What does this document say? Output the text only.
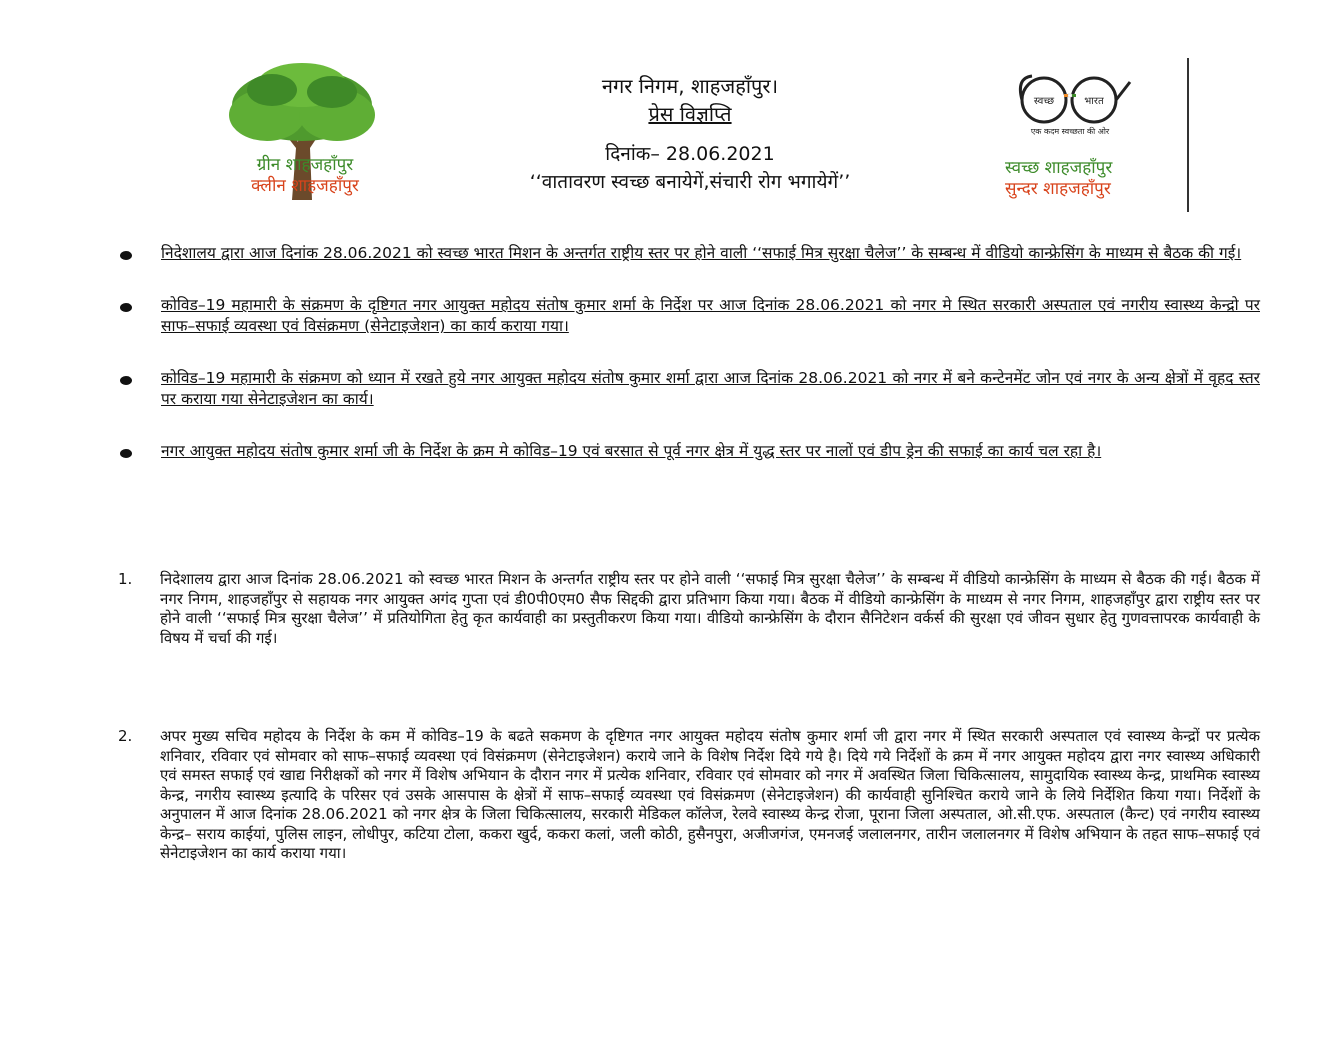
ग्रीन शाहजहाँपुर
क्लीन शाहजहाँपुर
नगर निगम, शाहजहाँपुर।
प्रेस विज्ञप्ति
दिनांक– 28.06.2021
‘‘वातावरण स्वच्छ बनायेगें,संचारी रोग भगायेगें’’
स्वच्छ	भारत
एक कदम स्वच्छता की ओर
स्वच्छ शाहजहाँपुर
सुन्दर शाहजहाँपुर
निदेशालय द्वारा आज दिनांक 28.06.2021 को स्वच्छ भारत मिशन के अन्तर्गत राष्ट्रीय स्तर पर होने वाली ‘‘सफाई मित्र सुरक्षा चैलेज’’ के सम्बन्ध में वीडियो कान्फ्रेसिंग के माध्यम से बैठक की गई।
कोविड–19 महामारी के संक्रमण के दृष्टिगत नगर आयुक्त महोदय संतोष कुमार शर्मा के निर्देश पर आज दिनांक 28.06.2021 को नगर मे स्थित सरकारी अस्पताल एवं नगरीय स्वास्थ्य केन्द्रो पर साफ–सफाई व्यवस्था एवं विसंक्रमण (सेनेटाइजेशन) का कार्य कराया गया।
कोविड–19 महामारी के संक्रमण को ध्यान में रखते हुये नगर आयुक्त महोदय संतोष कुमार शर्मा द्वारा आज दिनांक 28.06.2021 को नगर में बने कन्टेनमेंट जोन एवं नगर के अन्य क्षेत्रों में वृहद स्तर पर कराया गया सेनेटाइजेशन का कार्य।
नगर आयुक्त महोदय संतोष कुमार शर्मा जी के निर्देश के क्रम मे कोविड–19 एवं बरसात से पूर्व नगर क्षेत्र में युद्ध स्तर पर नालों एवं डीप ड्रेन की सफाई का कार्य चल रहा है।
1.	निदेशालय द्वारा आज दिनांक 28.06.2021 को स्वच्छ भारत मिशन के अन्तर्गत राष्ट्रीय स्तर पर होने वाली ‘‘सफाई मित्र सुरक्षा चैलेज’’ के सम्बन्ध में वीडियो कान्फ्रेसिंग के माध्यम से बैठक की गई। बैठक में नगर निगम, शाहजहाँपुर से सहायक नगर आयुक्त अगंद गुप्ता एवं डी0पी0एम0 सैफ सिद्दकी द्वारा प्रतिभाग किया गया। बैठक में वीडियो कान्फ्रेसिंग के माध्यम से नगर निगम, शाहजहाँपुर द्वारा राष्ट्रीय स्तर पर होने वाली ‘‘सफाई मित्र सुरक्षा चैलेज’’ में प्रतियोगिता हेतु कृत कार्यवाही का प्रस्तुतीकरण किया गया। वीडियो कान्फ्रेसिंग के दौरान सैनिटेशन वर्कर्स की सुरक्षा एवं जीवन सुधार हेतु गुणवत्तापरक कार्यवाही के विषय में चर्चा की गई।
2.	अपर मुख्य सचिव महोदय के निर्देश के कम में कोविड–19 के बढते सकमण के दृष्टिगत नगर आयुक्त महोदय संतोष कुमार शर्मा जी द्वारा नगर में स्थित सरकारी अस्पताल एवं स्वास्थ्य केन्द्रों पर प्रत्येक शनिवार, रविवार एवं सोमवार को साफ–सफाई व्यवस्था एवं विसंक्रमण (सेनेटाइजेशन) कराये जाने के विशेष निर्देश दिये गये है। दिये गये निर्देशों के क्रम में नगर आयुक्त महोदय द्वारा नगर स्वास्थ्य अधिकारी एवं समस्त सफाई एवं खाद्य निरीक्षकों को नगर में विशेष अभियान के दौरान नगर में प्रत्येक शनिवार, रविवार एवं सोमवार को नगर में अवस्थित जिला चिकित्सालय, सामुदायिक स्वास्थ्य केन्द्र, प्राथमिक स्वास्थ्य केन्द्र, नगरीय स्वास्थ्य इत्यादि के परिसर एवं उसके आसपास के क्षेत्रों में साफ–सफाई व्यवस्था एवं विसंक्रमण (सेनेटाइजेशन) की कार्यवाही सुनिश्चित कराये जाने के लिये निर्देशित किया गया। निर्देशों के अनुपालन में आज दिनांक 28.06.2021 को नगर क्षेत्र के जिला चिकित्सालय, सरकारी मेडिकल कॉलेज, रेलवे स्वास्थ्य केन्द्र रोजा, पूराना जिला अस्पताल, ओ.सी.एफ. अस्पताल (कैन्ट) एवं नगरीय स्वास्थ्य केन्द्र– सराय काईयां, पुलिस लाइन, लोधीपुर, कटिया टोला, ककरा खुर्द, ककरा कलां, जली कोठी, हुसैनपुरा, अजीजगंज, एमनजई जलालनगर, तारीन जलालनगर में विशेष अभियान के तहत साफ–सफाई एवं सेनेटाइजेशन का कार्य कराया गया।
